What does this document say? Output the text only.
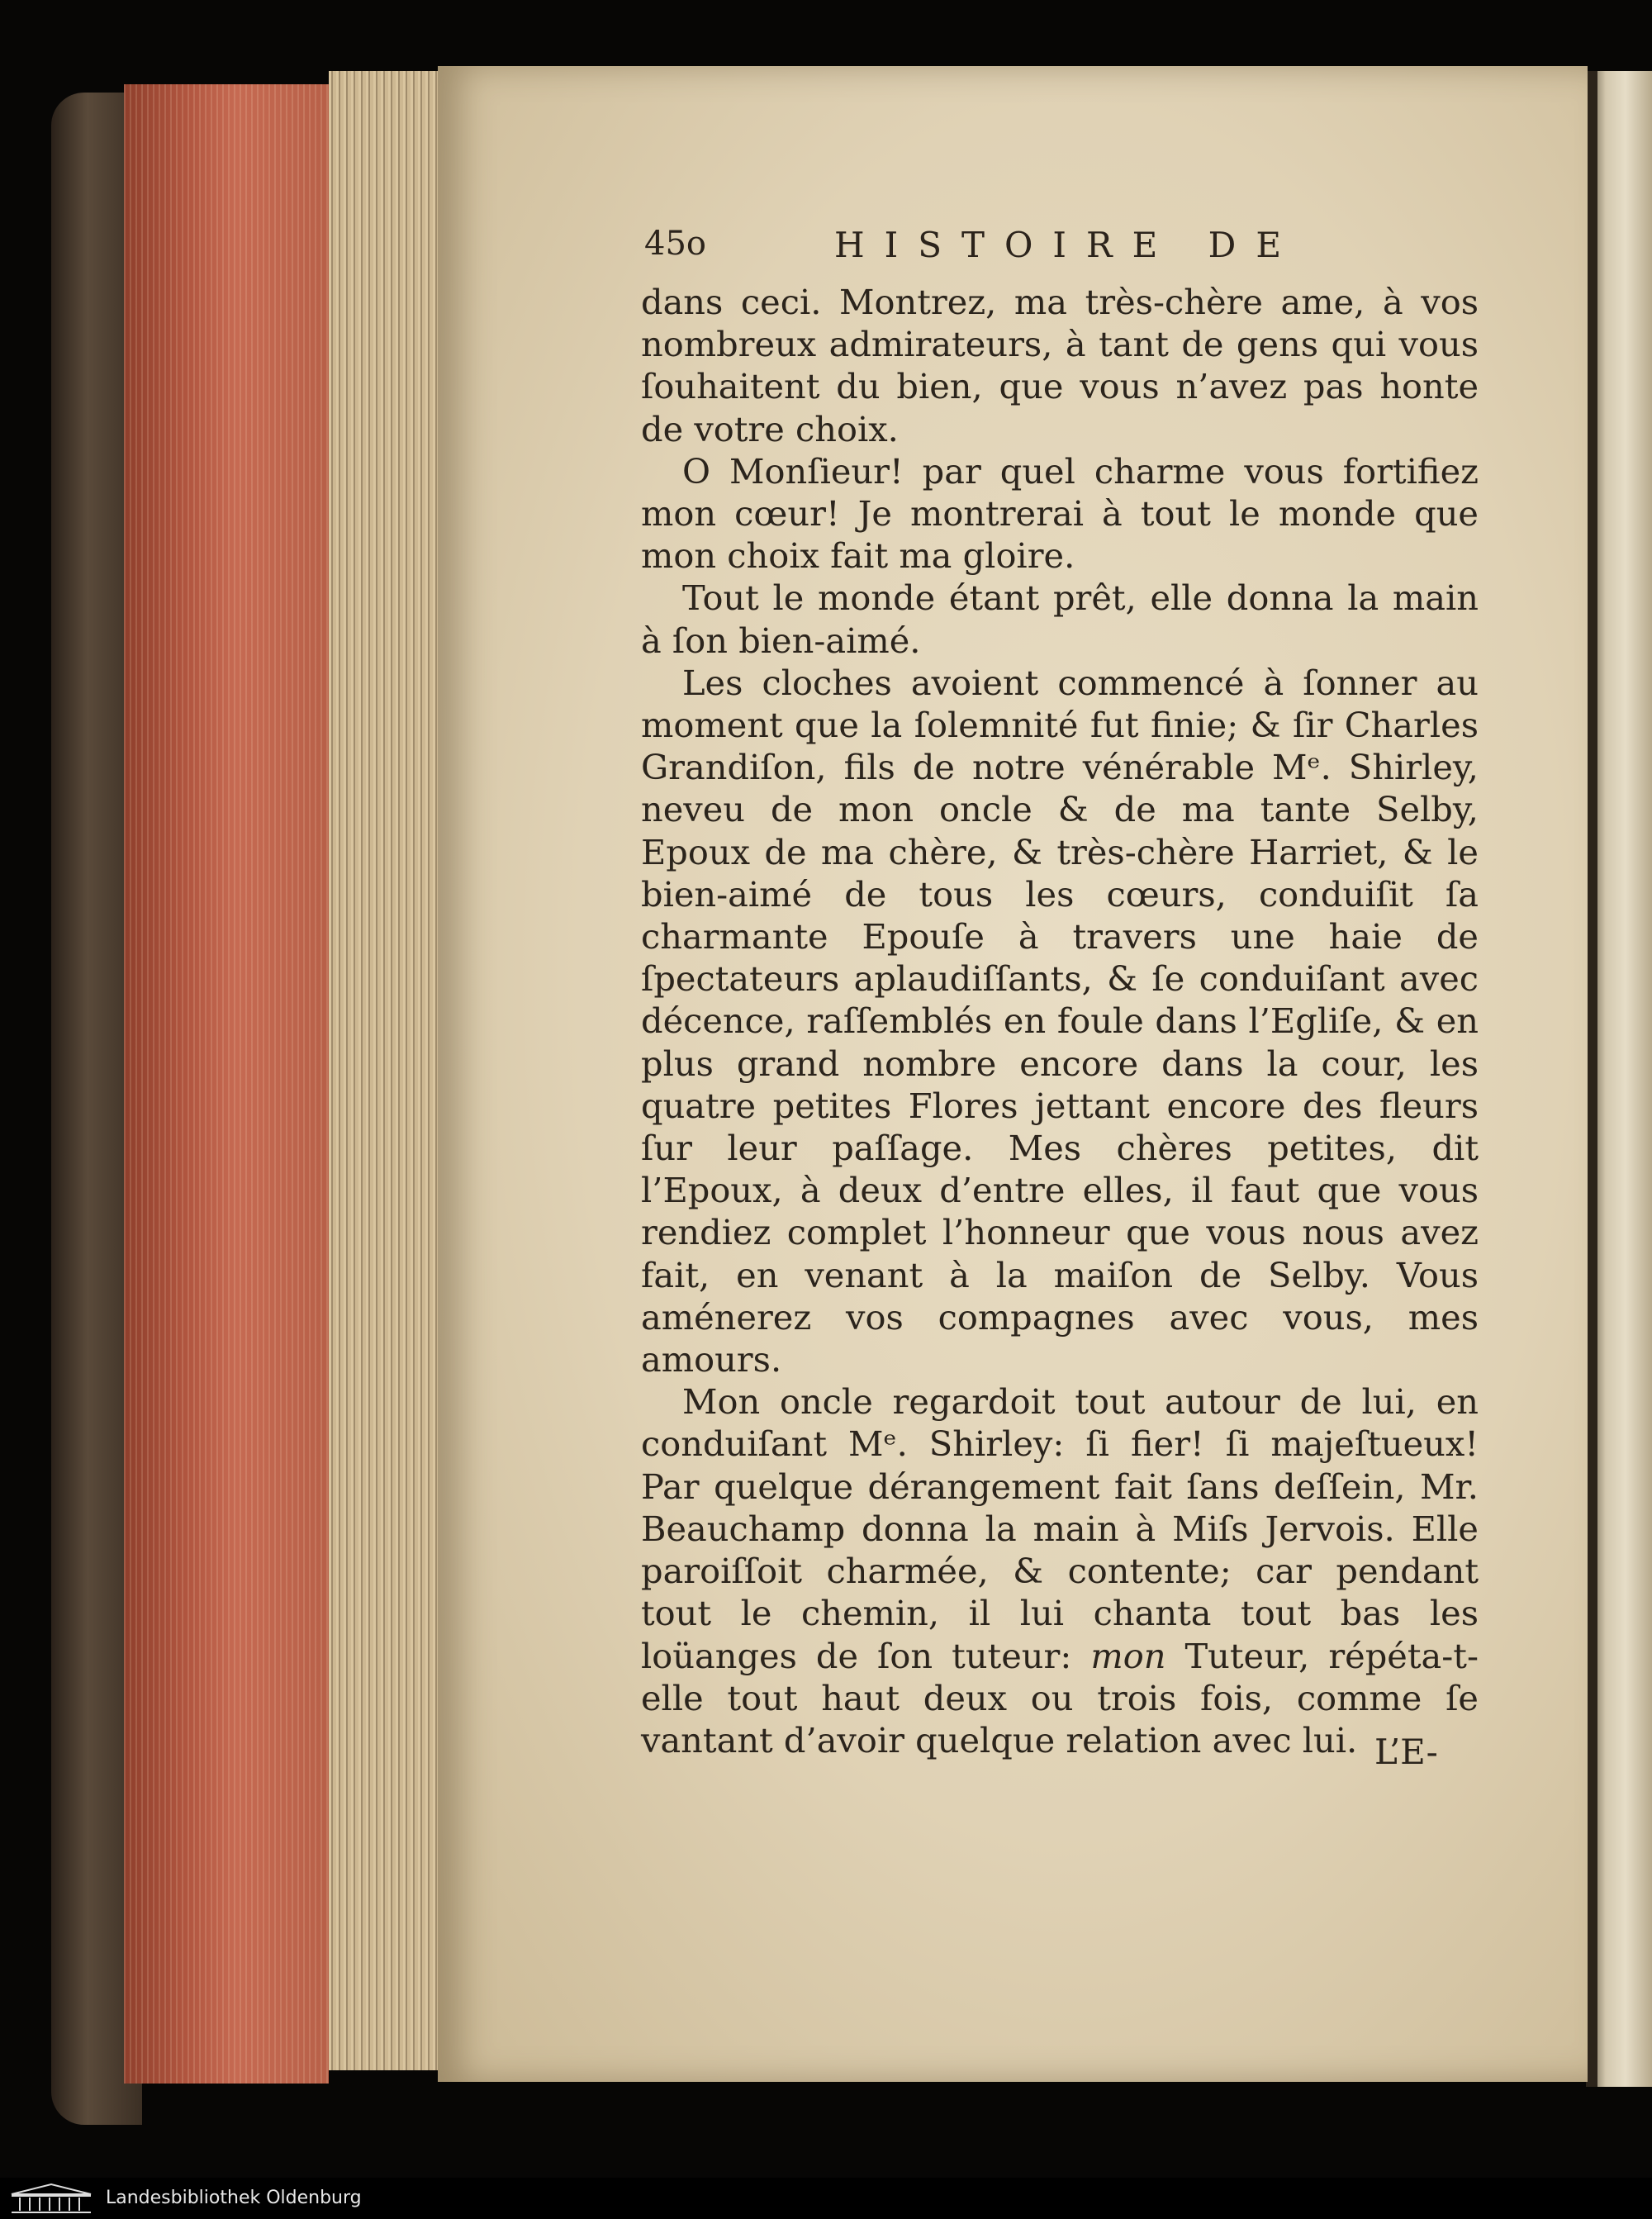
45o	HISTOIRE DE

dans ceci. Montrez, ma très-chère ame, à vos nombreux admirateurs, à tant de gens qui vous ſouhaitent du bien, que vous n’avez pas honte de votre choix.

O Monſieur! par quel charme vous fortifiez mon cœur! Je montrerai à tout le monde que mon choix fait ma gloire.

Tout le monde étant prêt, elle donna la main à ſon bien-aimé.

Les cloches avoient commencé à ſonner au moment que la ſolemnité fut finie; & ſir Charles Grandiſon, fils de notre vénérable Mᵉ. Shirley, neveu de mon oncle & de ma tante Selby, Epoux de ma chère, & très-chère Harriet, & le bien-aimé de tous les cœurs, conduiſit ſa charmante Epouſe à travers une haie de ſpectateurs aplaudiſſants, & ſe conduiſant avec décence, raſſemblés en foule dans l’Egliſe, & en plus grand nombre encore dans la cour, les quatre petites Flores jettant encore des fleurs ſur leur paſſage. Mes chères petites, dit l’Epoux, à deux d’entre elles, il faut que vous rendiez complet l’honneur que vous nous avez fait, en venant à la maiſon de Selby. Vous aménerez vos compagnes avec vous, mes amours.

Mon oncle regardoit tout autour de lui, en conduiſant Mᵉ. Shirley: ſi fier! ſi majeſtueux! Par quelque dérangement fait ſans deſſein, Mr. Beauchamp donna la main à Miſs Jervois. Elle paroiſſoit charmée, & contente; car pendant tout le chemin, il lui chanta tout bas les loüanges de ſon tuteur: mon Tuteur, répéta-t-elle tout haut deux ou trois fois, comme ſe vantant d’avoir quelque relation avec lui. L’E-
Landesbibliothek Oldenburg
